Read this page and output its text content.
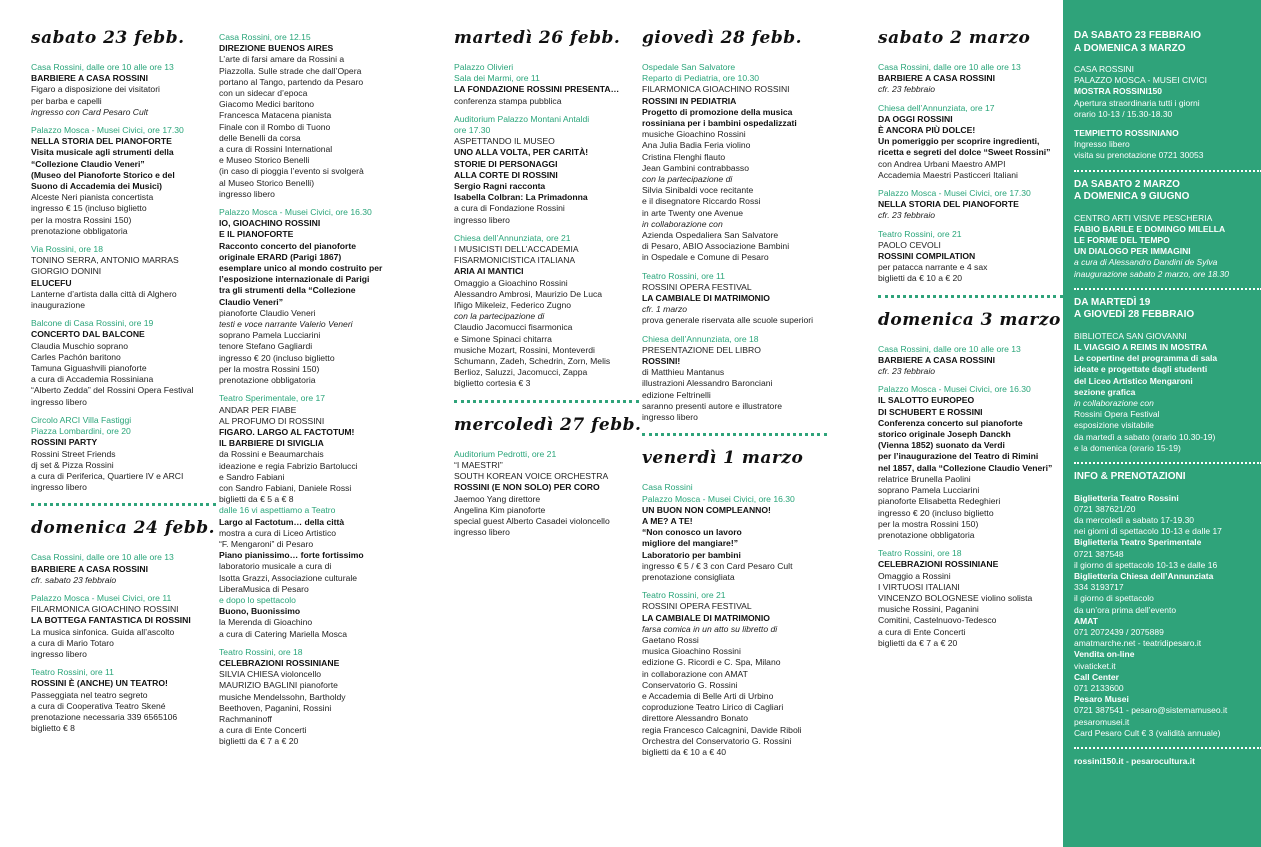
sabato 23 febb.
Casa Rossini, dalle ore 10 alle ore 13
BARBIERE A CASA ROSSINI
Figaro a disposizione dei visitatori
per barba e capelli
ingresso con Card Pesaro Cult
Palazzo Mosca - Musei Civici, ore 17.30
NELLA STORIA DEL PIANOFORTE
Visita musicale agli strumenti della
“Collezione Claudio Veneri”
(Museo del Pianoforte Storico e del
Suono di Accademia dei Musici)
Alceste Neri pianista concertista
ingresso € 15 (incluso biglietto
per la mostra Rossini 150)
prenotazione obbligatoria
Via Rossini, ore 18
TONINO SERRA, ANTONIO MARRAS
GIORGIO DONINI
ELUCEFU
Lanterne d’artista dalla città di Alghero
inaugurazione
Balcone di Casa Rossini, ore 19
CONCERTO DAL BALCONE
Claudia Muschio soprano
Carles Pachón baritono
Tamuna Giguashvili pianoforte
a cura di Accademia Rossiniana
“Alberto Zedda” del Rossini Opera Festival
ingresso libero
Circolo ARCI Villa Fastiggi
Piazza Lombardini, ore 20
ROSSINI PARTY
Rossini Street Friends
dj set & Pizza Rossini
a cura di Periferica, Quartiere IV e ARCI
ingresso libero
domenica 24 febb.
Casa Rossini, dalle ore 10 alle ore 13
BARBIERE A CASA ROSSINI
cfr. sabato 23 febbraio
Palazzo Mosca - Musei Civici, ore 11
FILARMONICA GIOACHINO ROSSINI
LA BOTTEGA FANTASTICA DI ROSSINI
La musica sinfonica. Guida all’ascolto
a cura di Mario Totaro
ingresso libero
Teatro Rossini, ore 11
ROSSINI È (ANCHE) UN TEATRO!
Passeggiata nel teatro segreto
a cura di Cooperativa Teatro Skené
prenotazione necessaria 339 6565106
biglietto € 8
Casa Rossini, ore 12.15
DIREZIONE BUENOS AIRES
L’arte di farsi amare da Rossini a
Piazzolla. Sulle strade che dall’Opera
portano al Tango, partendo da Pesaro
con un sidecar d’epoca
Giacomo Medici baritono
Francesca Matacena pianista
Finale con il Rombo di Tuono
delle Benelli da corsa
a cura di Rossini International
e Museo Storico Benelli
(in caso di pioggia l’evento si svolgerà
al Museo Storico Benelli)
ingresso libero
Palazzo Mosca - Musei Civici, ore 16.30
IO, GIOACHINO ROSSINI
E IL PIANOFORTE
Racconto concerto del pianoforte
originale ERARD (Parigi 1867)
esemplare unico al mondo costruito per
l’esposizione internazionale di Parigi
tra gli strumenti della “Collezione
Claudio Veneri”
pianoforte Claudio Veneri
testi e voce narrante Valerio Veneri
soprano Pamela Lucciarini
tenore Stefano Gagliardi
ingresso € 20 (incluso biglietto
per la mostra Rossini 150)
prenotazione obbligatoria
Teatro Sperimentale, ore 17
ANDAR PER FIABE
AL PROFUMO DI ROSSINI
FIGARO. LARGO AL FACTOTUM!
IL BARBIERE DI SIVIGLIA
da Rossini e Beaumarchais
ideazione e regia Fabrizio Bartolucci
e Sandro Fabiani
con Sandro Fabiani, Daniele Rossi
biglietti da € 5 a € 8
dalle 16 vi aspettiamo a Teatro
Largo al Factotum… della città
mostra a cura di Liceo Artistico
“F. Mengaroni” di Pesaro
Piano pianissimo… forte fortissimo
laboratorio musicale a cura di
Isotta Grazzi, Associazione culturale
LiberaMusica di Pesaro
e dopo lo spettacolo
Buono, Buonissimo
la Merenda di Gioachino
a cura di Catering Mariella Mosca
Teatro Rossini, ore 18
CELEBRAZIONI ROSSINIANE
SILVIA CHIESA violoncello
MAURIZIO BAGLINI pianoforte
musiche Mendelssohn, Bartholdy
Beethoven, Paganini, Rossini
Rachmaninoff
a cura di Ente Concerti
biglietti da € 7 a € 20
martedì 26 febb.
Palazzo Olivieri
Sala dei Marmi, ore 11
LA FONDAZIONE ROSSINI PRESENTA…
conferenza stampa pubblica
Auditorium Palazzo Montani Antaldi
ore 17.30
ASPETTANDO IL MUSEO
UNO ALLA VOLTA, PER CARITÀ!
STORIE DI PERSONAGGI
ALLA CORTE DI ROSSINI
Sergio Ragni racconta
Isabella Colbran: La Primadonna
a cura di Fondazione Rossini
ingresso libero
Chiesa dell’Annunziata, ore 21
I MUSICISTI DELL’ACCADEMIA
FISARMONICISTICA ITALIANA
ARIA AI MANTICI
Omaggio a Gioachino Rossini
Alessandro Ambrosi, Maurizio De Luca
Iñigo Mikeleiz, Federico Zugno
con la partecipazione di
Claudio Jacomucci fisarmonica
e Simone Spinaci chitarra
musiche Mozart, Rossini, Monteverdi
Schumann, Zadeh, Schedrin, Zorn, Melis
Berlioz, Saluzzi, Jacomucci, Zappa
biglietto cortesia € 3
mercoledì 27 febb.
Auditorium Pedrotti, ore 21
“I MAESTRI”
SOUTH KOREAN VOICE ORCHESTRA
ROSSINI (E NON SOLO) PER CORO
Jaemoo Yang direttore
Angelina Kim pianoforte
special guest Alberto Casadei violoncello
ingresso libero
giovedì 28 febb.
Ospedale San Salvatore
Reparto di Pediatria, ore 10.30
FILARMONICA GIOACHINO ROSSINI
ROSSINI IN PEDIATRIA
Progetto di promozione della musica
rossiniana per i bambini ospedalizzati
musiche Gioachino Rossini
Ana Julia Badia Feria violino
Cristina Flenghi flauto
Jean Gambini contrabbasso
con la partecipazione di
Silvia Sinibaldi voce recitante
e il disegnatore Riccardo Rossi
in arte Twenty one Avenue
in collaborazione con
Azienda Ospedaliera San Salvatore
di Pesaro, ABIO Associazione Bambini
in Ospedale e Comune di Pesaro
Teatro Rossini, ore 11
ROSSINI OPERA FESTIVAL
LA CAMBIALE DI MATRIMONIO
cfr. 1 marzo
prova generale riservata alle scuole superiori
Chiesa dell’Annunziata, ore 18
PRESENTAZIONE DEL LIBRO
ROSSINI!
di Matthieu Mantanus
illustrazioni Alessandro Baronciani
edizione Feltrinelli
saranno presenti autore e illustratore
ingresso libero
venerdì 1 marzo
Casa Rossini
Palazzo Mosca - Musei Civici, ore 16.30
UN BUON NON COMPLEANNO!
A ME? A TE!
“Non conosco un lavoro
migliore del mangiare!”
Laboratorio per bambini
ingresso € 5 / € 3 con Card Pesaro Cult
prenotazione consigliata
Teatro Rossini, ore 21
ROSSINI OPERA FESTIVAL
LA CAMBIALE DI MATRIMONIO
farsa comica in un atto su libretto di
Gaetano Rossi
musica Gioachino Rossini
edizione G. Ricordi e C. Spa, Milano
in collaborazione con AMAT
Conservatorio G. Rossini
e Accademia di Belle Arti di Urbino
coproduzione Teatro Lirico di Cagliari
direttore Alessandro Bonato
regia Francesco Calcagnini, Davide Riboli
Orchestra del Conservatorio G. Rossini
biglietti da € 10 a € 40
sabato 2 marzo
Casa Rossini, dalle ore 10 alle ore 13
BARBIERE A CASA ROSSINI
cfr. 23 febbraio
Chiesa dell’Annunziata, ore 17
DA OGGI ROSSINI
È ANCORA PIÙ DOLCE!
Un pomeriggio per scoprire ingredienti,
ricetta e segreti del dolce “Sweet Rossini”
con Andrea Urbani Maestro AMPI
Accademia Maestri Pasticceri Italiani
Palazzo Mosca - Musei Civici, ore 17.30
NELLA STORIA DEL PIANOFORTE
cfr. 23 febbraio
Teatro Rossini, ore 21
PAOLO CEVOLI
ROSSINI COMPILATION
per patacca narrante e 4 sax
biglietti da € 10 a € 20
domenica 3 marzo
Casa Rossini, dalle ore 10 alle ore 13
BARBIERE A CASA ROSSINI
cfr. 23 febbraio
Palazzo Mosca - Musei Civici, ore 16.30
IL SALOTTO EUROPEO
DI SCHUBERT E ROSSINI
Conferenza concerto sul pianoforte
storico originale Joseph Danckh
(Vienna 1852) suonato da Verdi
per l’inaugurazione del Teatro di Rimini
nel 1857, dalla “Collezione Claudio Veneri”
relatrice Brunella Paolini
soprano Pamela Lucciarini
pianoforte Elisabetta Redeghieri
ingresso € 20 (incluso biglietto
per la mostra Rossini 150)
prenotazione obbligatoria
Teatro Rossini, ore 18
CELEBRAZIONI ROSSINIANE
Omaggio a Rossini
I VIRTUOSI ITALIANI
VINCENZO BOLOGNESE violino solista
musiche Rossini, Paganini
Comitini, Castelnuovo-Tedesco
a cura di Ente Concerti
biglietti da € 7 a € 20
DA SABATO 23 FEBBRAIO
A DOMENICA 3 MARZO
CASA ROSSINI
PALAZZO MOSCA - MUSEI CIVICI
MOSTRA ROSSINI150
Apertura straordinaria tutti i giorni
orario 10-13 / 15.30-18.30
TEMPIETTO ROSSINIANO
Ingresso libero
visita su prenotazione 0721 30053
DA SABATO 2 MARZO
A DOMENICA 9 GIUGNO
CENTRO ARTI VISIVE PESCHERIA
FABIO BARILE E DOMINGO MILELLA
LE FORME DEL TEMPO
UN DIALOGO PER IMMAGINI
a cura di Alessandro Dandini de Sylva
inaugurazione sabato 2 marzo, ore 18.30
DA MARTEDÌ 19
A GIOVEDÌ 28 FEBBRAIO
BIBLIOTECA SAN GIOVANNI
IL VIAGGIO A REIMS IN MOSTRA
Le copertine del programma di sala
ideate e progettate dagli studenti
del Liceo Artistico Mengaroni
sezione grafica
in collaborazione con
Rossini Opera Festival
esposizione visitabile
da martedì a sabato (orario 10.30-19)
e la domenica (orario 15-19)
INFO & PRENOTAZIONI
Biglietteria Teatro Rossini
0721 387621/20
da mercoledì a sabato 17-19.30
nei giorni di spettacolo 10-13 e dalle 17
Biglietteria Teatro Sperimentale
0721 387548
il giorno di spettacolo 10-13 e dalle 16
Biglietteria Chiesa dell’Annunziata
334 3193717
il giorno di spettacolo
da un’ora prima dell’evento
AMAT
071 2072439 / 2075889
amatmarche.net - teatridipesaro.it
Vendita on-line
vivaticket.it
Call Center
071 2133600
Pesaro Musei
0721 387541 - pesaro@sistemamuseo.it
pesaromusei.it
Card Pesaro Cult € 3 (validità annuale)
rossini150.it - pesarocultura.it
